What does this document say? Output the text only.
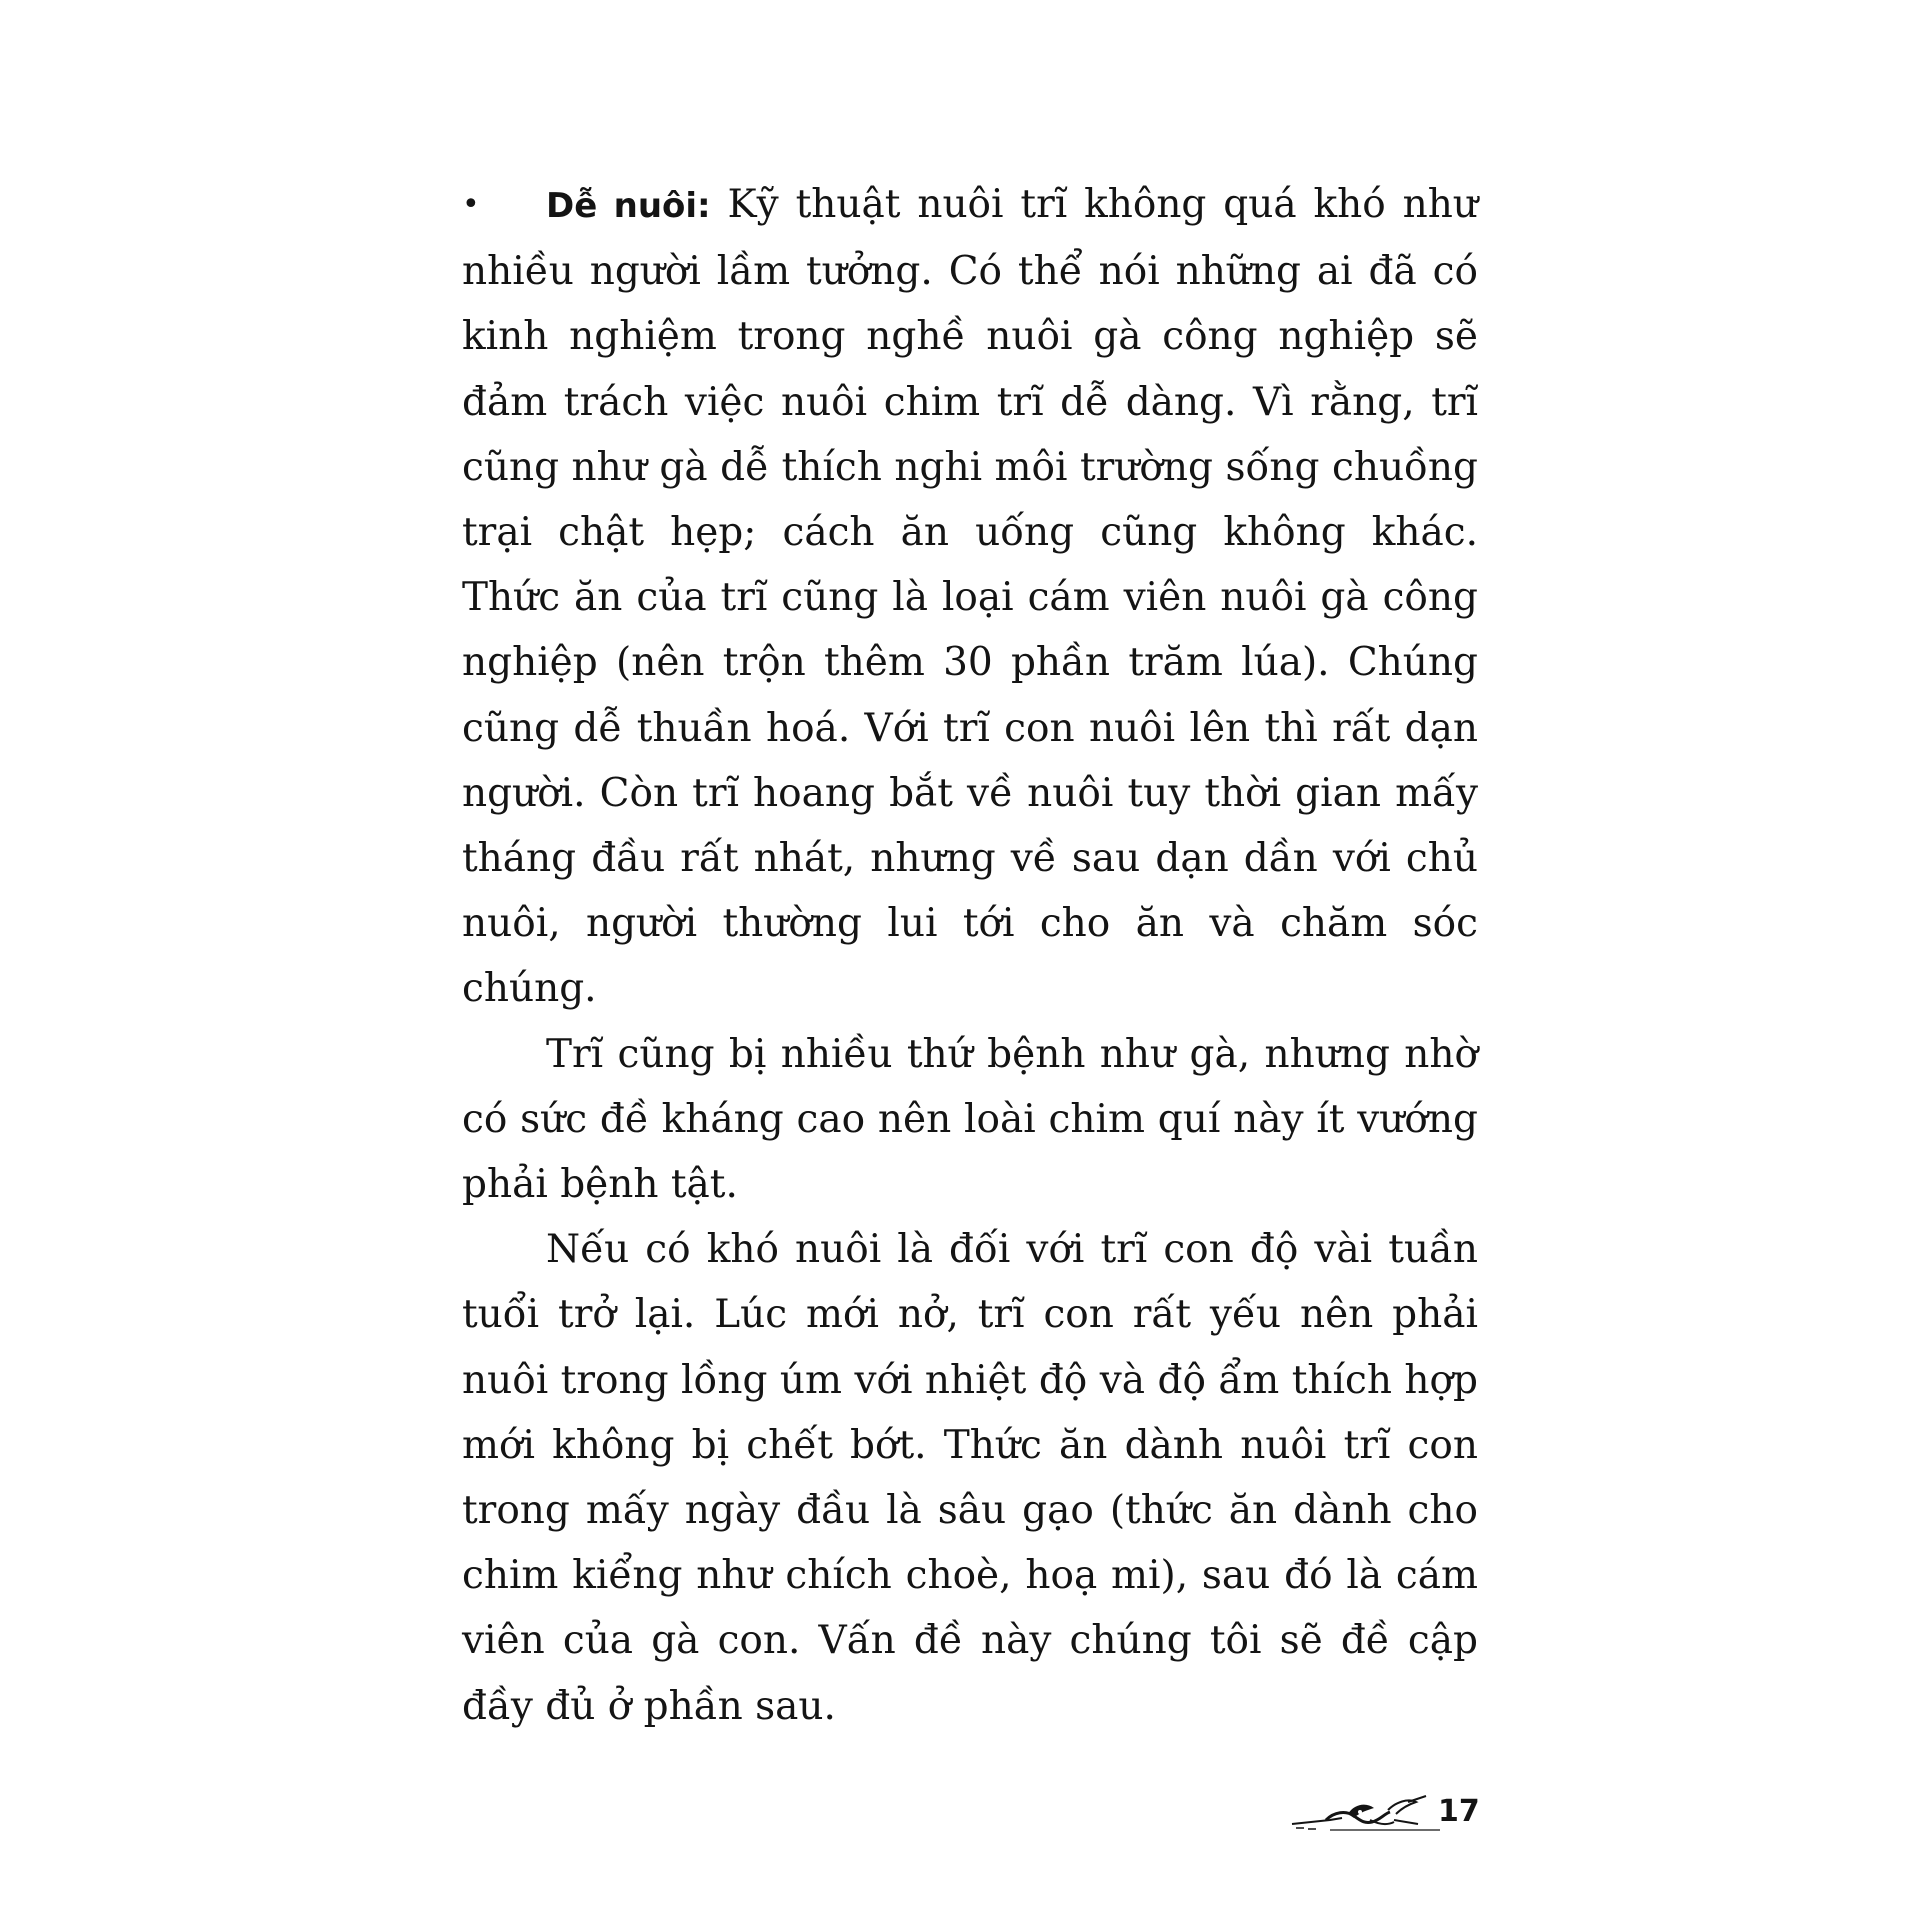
•	Dễ nuôi: Kỹ thuật nuôi trĩ không quá khó như nhiều người lầm tưởng. Có thể nói những ai đã có kinh nghiệm trong nghề nuôi gà công nghiệp sẽ đảm trách việc nuôi chim trĩ dễ dàng. Vì rằng, trĩ cũng như gà dễ thích nghi môi trường sống chuồng trại chật hẹp; cách ăn uống cũng không khác. Thức ăn của trĩ cũng là loại cám viên nuôi gà công nghiệp (nên trộn thêm 30 phần trăm lúa). Chúng cũng dễ thuần hoá. Với trĩ con nuôi lên thì rất dạn người. Còn trĩ hoang bắt về nuôi tuy thời gian mấy tháng đầu rất nhát, nhưng về sau dạn dần với chủ nuôi, người thường lui tới cho ăn và chăm sóc chúng.

Trĩ cũng bị nhiều thứ bệnh như gà, nhưng nhờ có sức đề kháng cao nên loài chim quí này ít vướng phải bệnh tật.

Nếu có khó nuôi là đối với trĩ con độ vài tuần tuổi trở lại. Lúc mới nở, trĩ con rất yếu nên phải nuôi trong lồng úm với nhiệt độ và độ ẩm thích hợp mới không bị chết bớt. Thức ăn dành nuôi trĩ con trong mấy ngày đầu là sâu gạo (thức ăn dành cho chim kiểng như chích choè, hoạ mi), sau đó là cám viên của gà con. Vấn đề này chúng tôi sẽ đề cập đầy đủ ở phần sau.

17
